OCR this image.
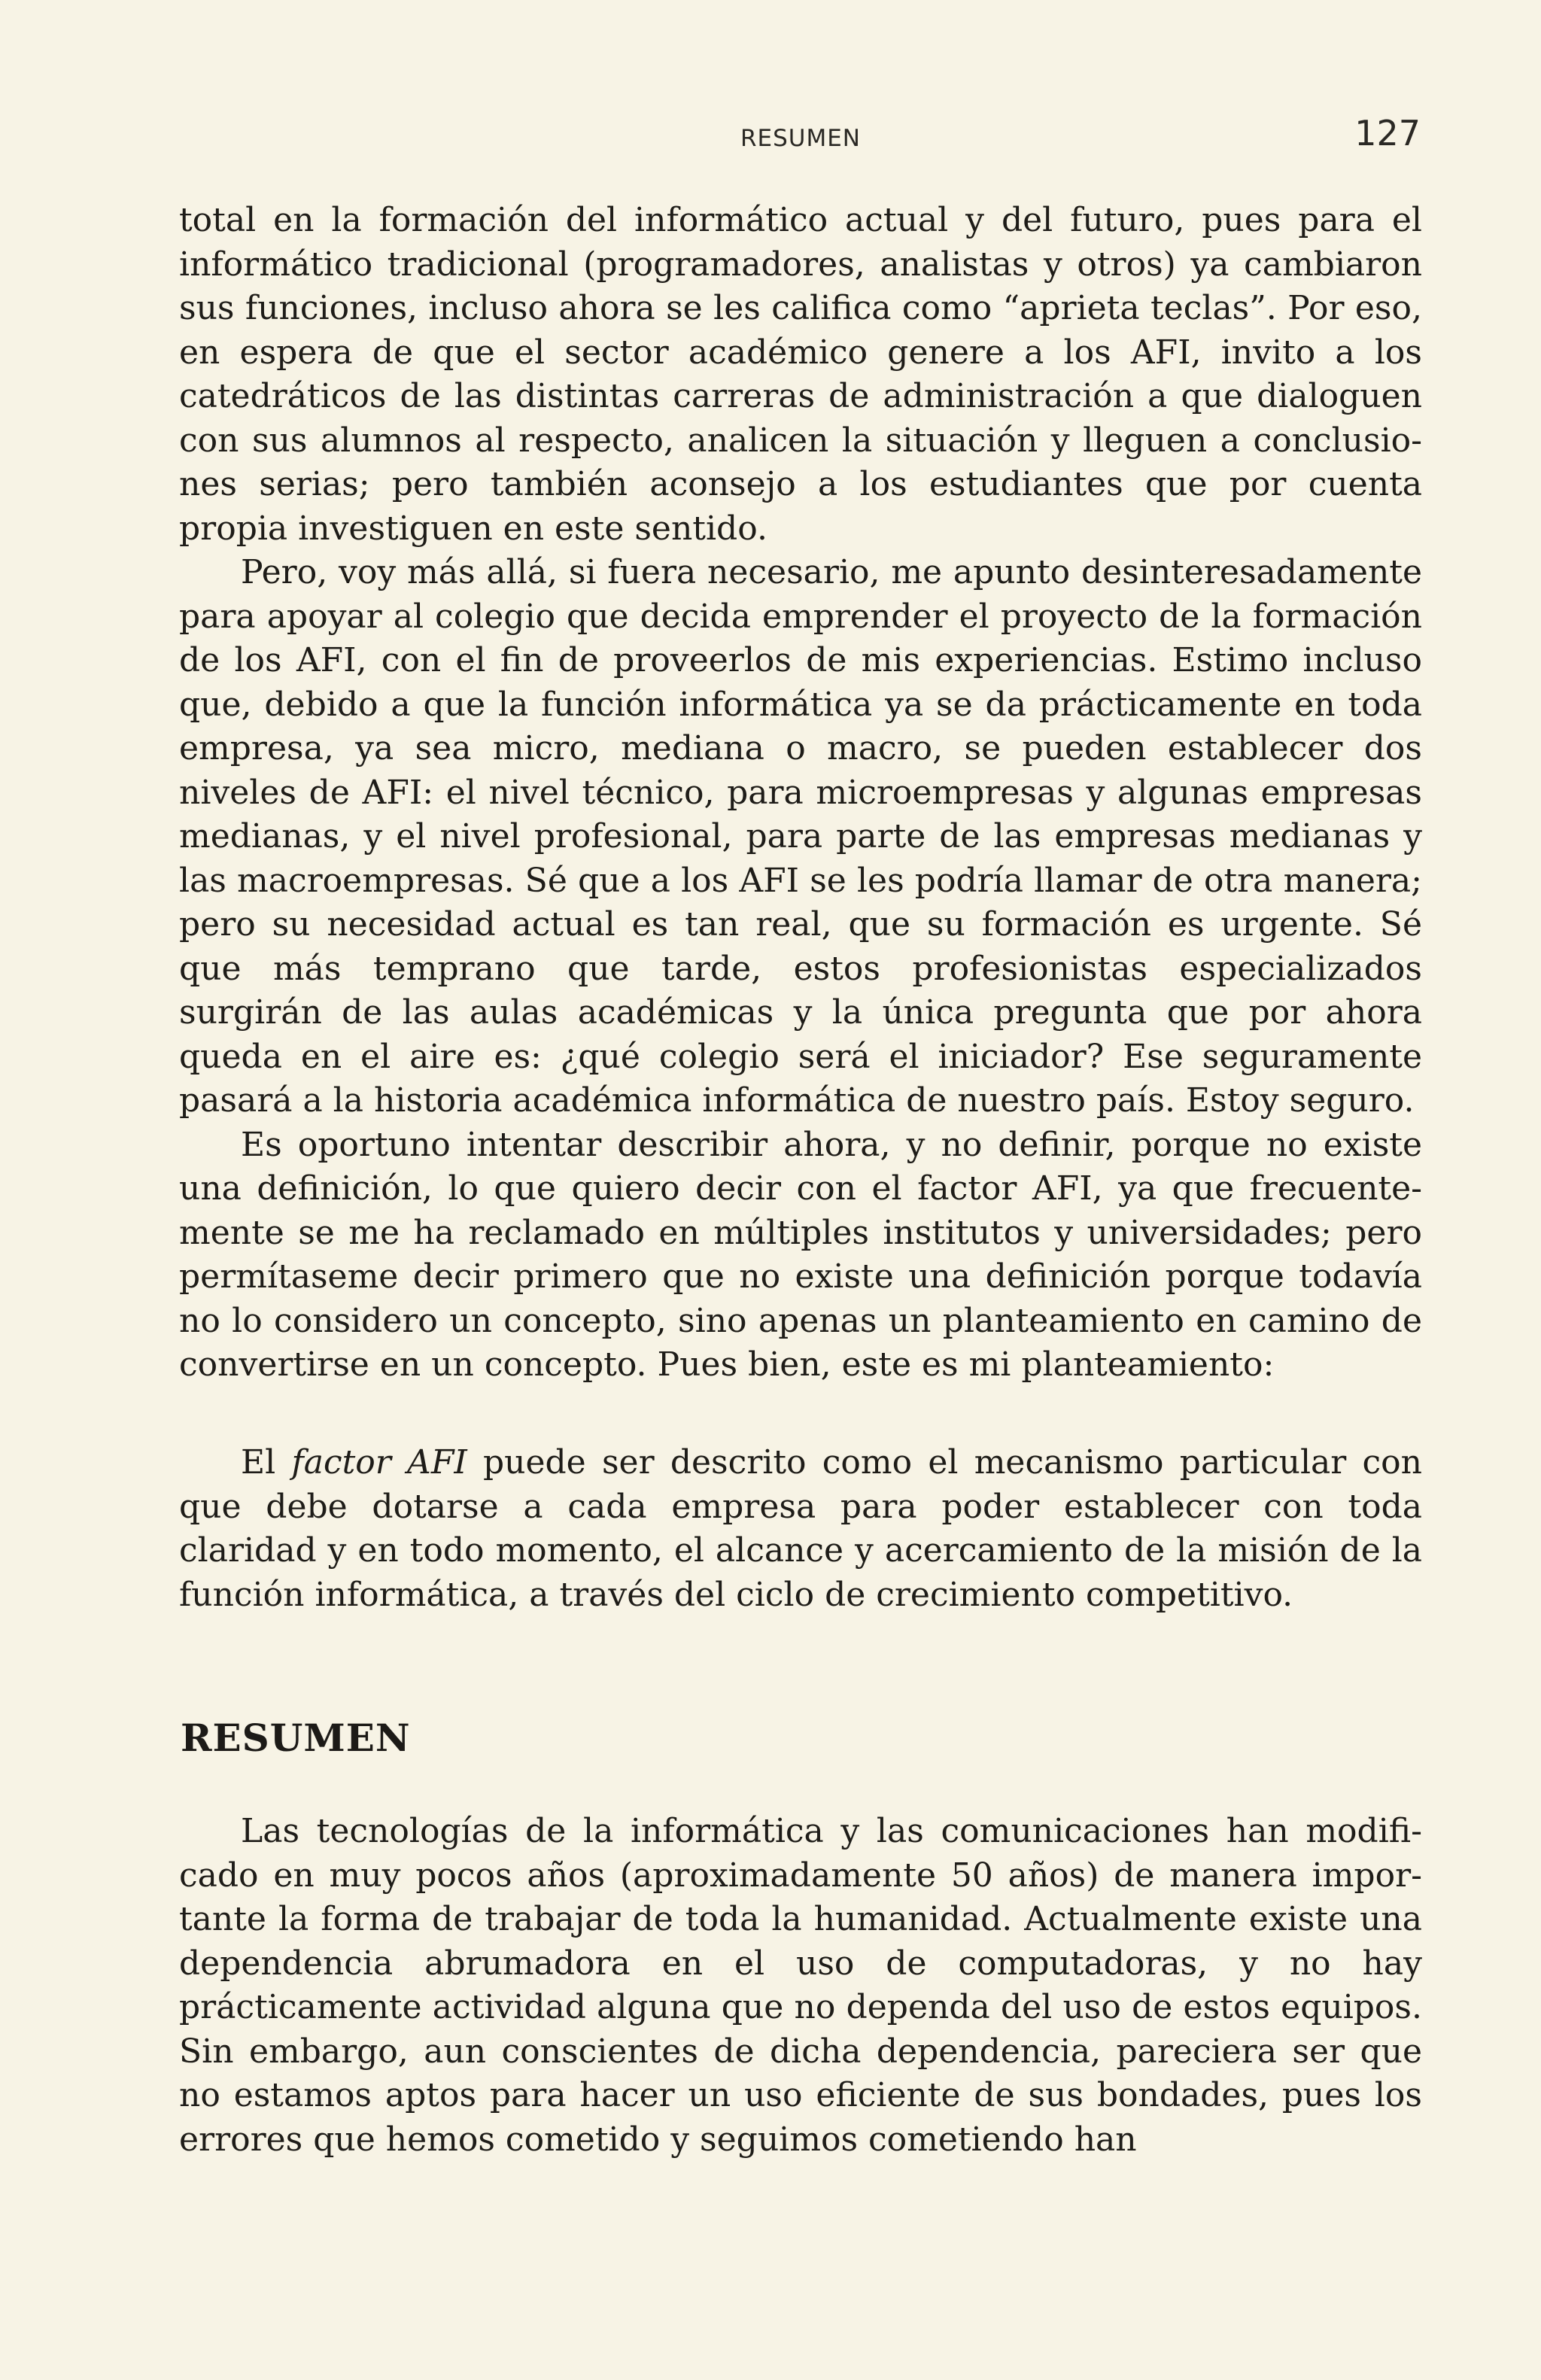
RESUMEN	127

total en la formación del informático actual y del futuro, pues para el informático tradicional (programadores, analistas y otros) ya cambiaron sus funciones, incluso ahora se les califica como “aprieta teclas”. Por eso, en espera de que el sector académico genere a los AFI, invito a los catedráticos de las distintas carreras de administración a que dialoguen con sus alumnos al respecto, analicen la situación y lleguen a conclusiones serias; pero también aconsejo a los estudiantes que por cuenta propia investiguen en este sentido.

Pero, voy más allá, si fuera necesario, me apunto desinteresadamente para apoyar al colegio que decida emprender el proyecto de la formación de los AFI, con el fin de proveerlos de mis experiencias. Estimo incluso que, debido a que la función informática ya se da prácticamente en toda empresa, ya sea micro, mediana o macro, se pueden establecer dos niveles de AFI: el nivel técnico, para microempresas y algunas empresas medianas, y el nivel profesional, para parte de las empresas medianas y las macroempresas. Sé que a los AFI se les podría llamar de otra manera; pero su necesidad actual es tan real, que su formación es urgente. Sé que más temprano que tarde, estos profesionistas especializados surgirán de las aulas académicas y la única pregunta que por ahora queda en el aire es: ¿qué colegio será el iniciador? Ese seguramente pasará a la historia académica informática de nuestro país. Estoy seguro.

Es oportuno intentar describir ahora, y no definir, porque no existe una definición, lo que quiero decir con el factor AFI, ya que frecuentemente se me ha reclamado en múltiples institutos y universidades; pero permítaseme decir primero que no existe una definición porque todavía no lo considero un concepto, sino apenas un planteamiento en camino de convertirse en un concepto. Pues bien, este es mi planteamiento:

El factor AFI puede ser descrito como el mecanismo particular con que debe dotarse a cada empresa para poder establecer con toda claridad y en todo momento, el alcance y acercamiento de la misión de la función informática, a través del ciclo de crecimiento competitivo.

RESUMEN

Las tecnologías de la informática y las comunicaciones han modificado en muy pocos años (aproximadamente 50 años) de manera importante la forma de trabajar de toda la humanidad. Actualmente existe una dependencia abrumadora en el uso de computadoras, y no hay prácticamente actividad alguna que no dependa del uso de estos equipos. Sin embargo, aun conscientes de dicha dependencia, pareciera ser que no estamos aptos para hacer un uso eficiente de sus bondades, pues los errores que hemos cometido y seguimos cometiendo han
